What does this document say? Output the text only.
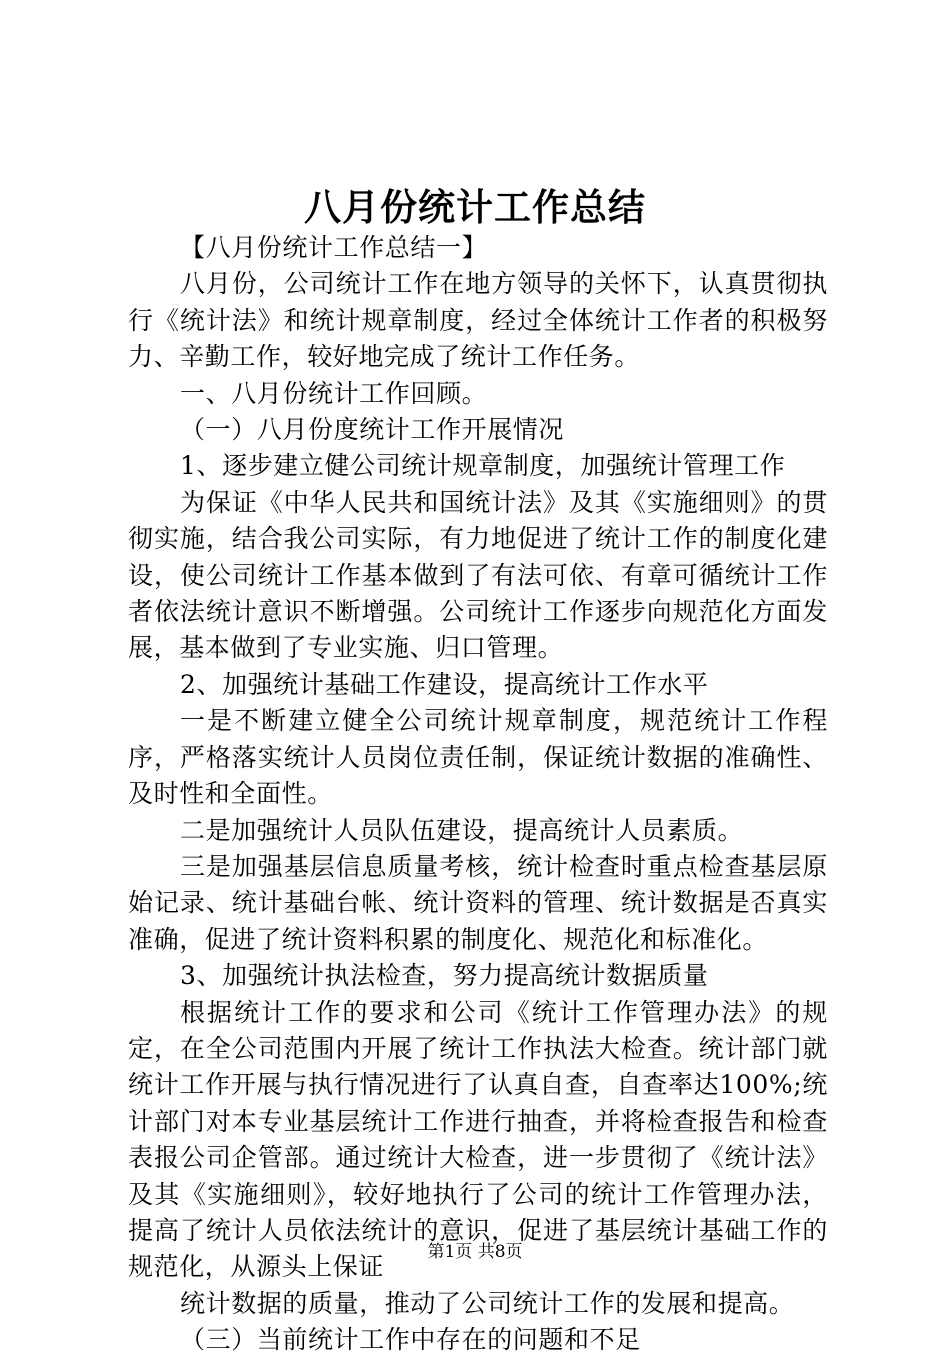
八月份统计工作总结

【八月份统计工作总结一】

八月份，公司统计工作在地方领导的关怀下，认真贯彻执行《统计法》和统计规章制度，经过全体统计工作者的积极努力、辛勤工作，较好地完成了统计工作任务。

一、八月份统计工作回顾。

（一）八月份度统计工作开展情况

1、逐步建立健公司统计规章制度，加强统计管理工作

为保证《中华人民共和国统计法》及其《实施细则》的贯彻实施，结合我公司实际，有力地促进了统计工作的制度化建设，使公司统计工作基本做到了有法可依、有章可循统计工作者依法统计意识不断增强。公司统计工作逐步向规范化方面发展，基本做到了专业实施、归口管理。

2、加强统计基础工作建设，提高统计工作水平

一是不断建立健全公司统计规章制度，规范统计工作程序，严格落实统计人员岗位责任制，保证统计数据的准确性、及时性和全面性。

二是加强统计人员队伍建设，提高统计人员素质。

三是加强基层信息质量考核，统计检查时重点检查基层原始记录、统计基础台帐、统计资料的管理、统计数据是否真实准确，促进了统计资料积累的制度化、规范化和标准化。

3、加强统计执法检查，努力提高统计数据质量

根据统计工作的要求和公司《统计工作管理办法》的规定，在全公司范围内开展了统计工作执法大检查。统计部门就统计工作开展与执行情况进行了认真自查，自查率达100%;统计部门对本专业基层统计工作进行抽查，并将检查报告和检查表报公司企管部。通过统计大检查，进一步贯彻了《统计法》及其《实施细则》，较好地执行了公司的统计工作管理办法，提高了统计人员依法统计的意识，促进了基层统计基础工作的规范化，从源头上保证

统计数据的质量，推动了公司统计工作的发展和提高。

（三）当前统计工作中存在的问题和不足

第1页 共8页
